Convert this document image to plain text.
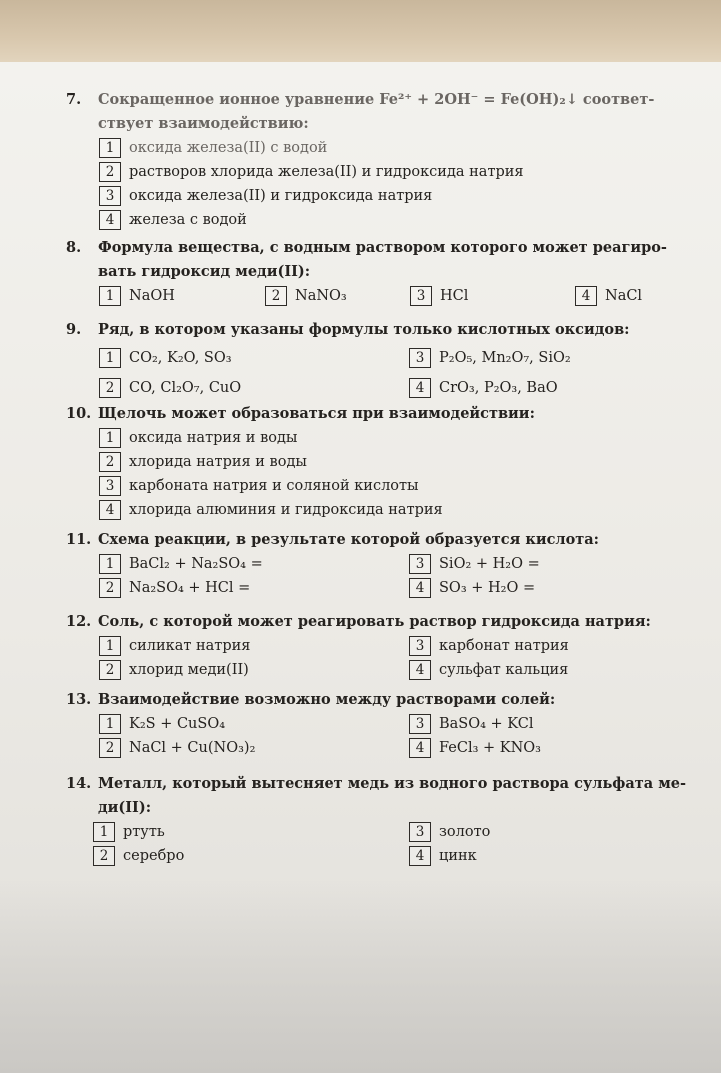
7.	Сокращенное ионное уравнение Fe²⁺ + 2OH⁻ = Fe(OH)₂↓ соответ-
ствует взаимодействию:
1	оксида железа(II) с водой
2	растворов хлорида железа(II) и гидроксида натрия
3	оксида железа(II) и гидроксида натрия
4	железа с водой
8.	Формула вещества, с водным раствором которого может реагиро-
вать гидроксид меди(II):
1	NaOH	2	NaNO₃	3	HCl	4	NaCl
9.	Ряд, в котором указаны формулы только кислотных оксидов:
1	CO₂, K₂O, SO₃	3	P₂O₅, Mn₂O₇, SiO₂
2	CO, Cl₂O₇, CuO	4	CrO₃, P₂O₃, BaO
10. Щелочь может образоваться при взаимодействии:
1	оксида натрия и воды
2	хлорида натрия и воды
3	карбоната натрия и соляной кислоты
4	хлорида алюминия и гидроксида натрия
11. Схема реакции, в результате которой образуется кислота:
1	BaCl₂ + Na₂SO₄ =	3	SiO₂ + H₂O =
2	Na₂SO₄ + HCl =	4	SO₃ + H₂O =
12. Соль, с которой может реагировать раствор гидроксида натрия:
1	силикат натрия	3	карбонат натрия
2	хлорид меди(II)	4	сульфат кальция
13. Взаимодействие возможно между растворами солей:
1	K₂S + CuSO₄	3	BaSO₄ + KCl
2	NaCl + Cu(NO₃)₂	4	FeCl₃ + KNO₃
14. Металл, который вытесняет медь из водного раствора сульфата ме-
ди(II):
1	ртуть	3	золото
2	серебро	4	цинк
